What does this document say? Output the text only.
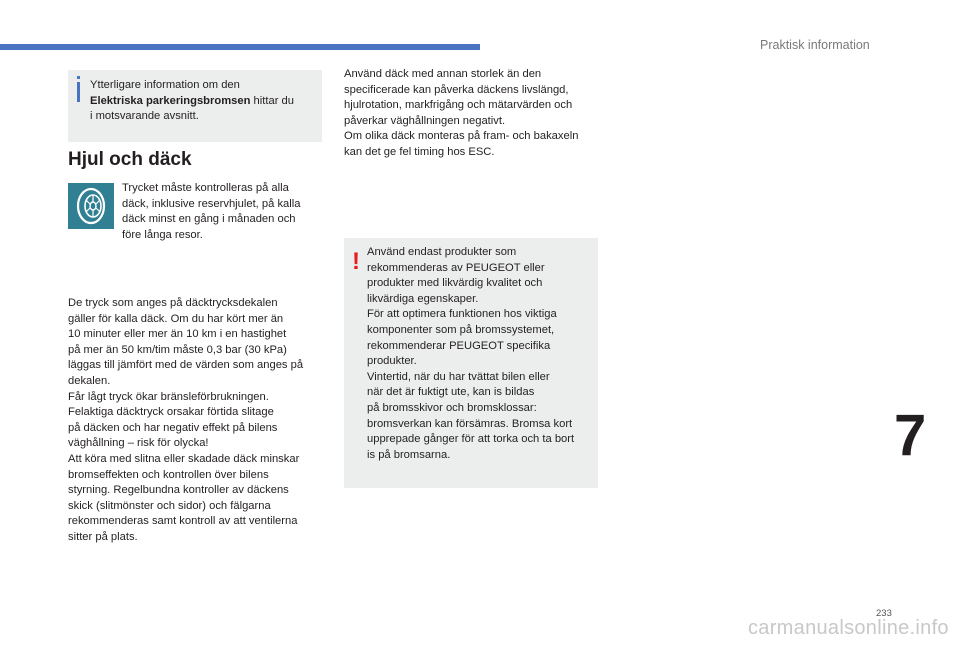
Praktisk information

Ytterligare information om den

Elektriska parkeringsbromsen hittar du

i motsvarande avsnitt.

Hjul och däck

Trycket måste kontrolleras på alla

däck, inklusive reservhjulet, på kalla

däck minst en gång i månaden och

före långa resor.

De tryck som anges på däcktrycksdekalen

gäller för kalla däck. Om du har kört mer än

10 minuter eller mer än 10 km i en hastighet

på mer än 50 km/tim måste 0,3 bar (30 kPa)

läggas till jämfört med de värden som anges på

dekalen.

Får lågt tryck ökar bränsleförbrukningen.

Felaktiga däcktryck orsakar förtida slitage

på däcken och har negativ effekt på bilens

väghållning – risk för olycka!

Att köra med slitna eller skadade däck minskar

bromseffekten och kontrollen över bilens

styrning. Regelbundna kontroller av däckens

skick (slitmönster och sidor) och fälgarna

rekommenderas samt kontroll av att ventilerna

sitter på plats.

Använd däck med annan storlek än den

specificerade kan påverka däckens livslängd,

hjulrotation, markfrigång och mätarvärden och

påverkar väghållningen negativt.

Om olika däck monteras på fram- och bakaxeln

kan det ge fel timing hos ESC.

! Använd endast produkter som

rekommenderas av PEUGEOT eller

produkter med likvärdig kvalitet och

likvärdiga egenskaper.

För att optimera funktionen hos viktiga

komponenter som på bromssystemet,

rekommenderar PEUGEOT specifika

produkter.

Vintertid, när du har tvättat bilen eller

när det är fuktigt ute, kan is bildas

på bromsskivor och bromsklossar:

bromsverkan kan försämras. Bromsa kort

upprepade gånger för att torka och ta bort

is på bromsarna.	7
233
carmanualsonline.info
